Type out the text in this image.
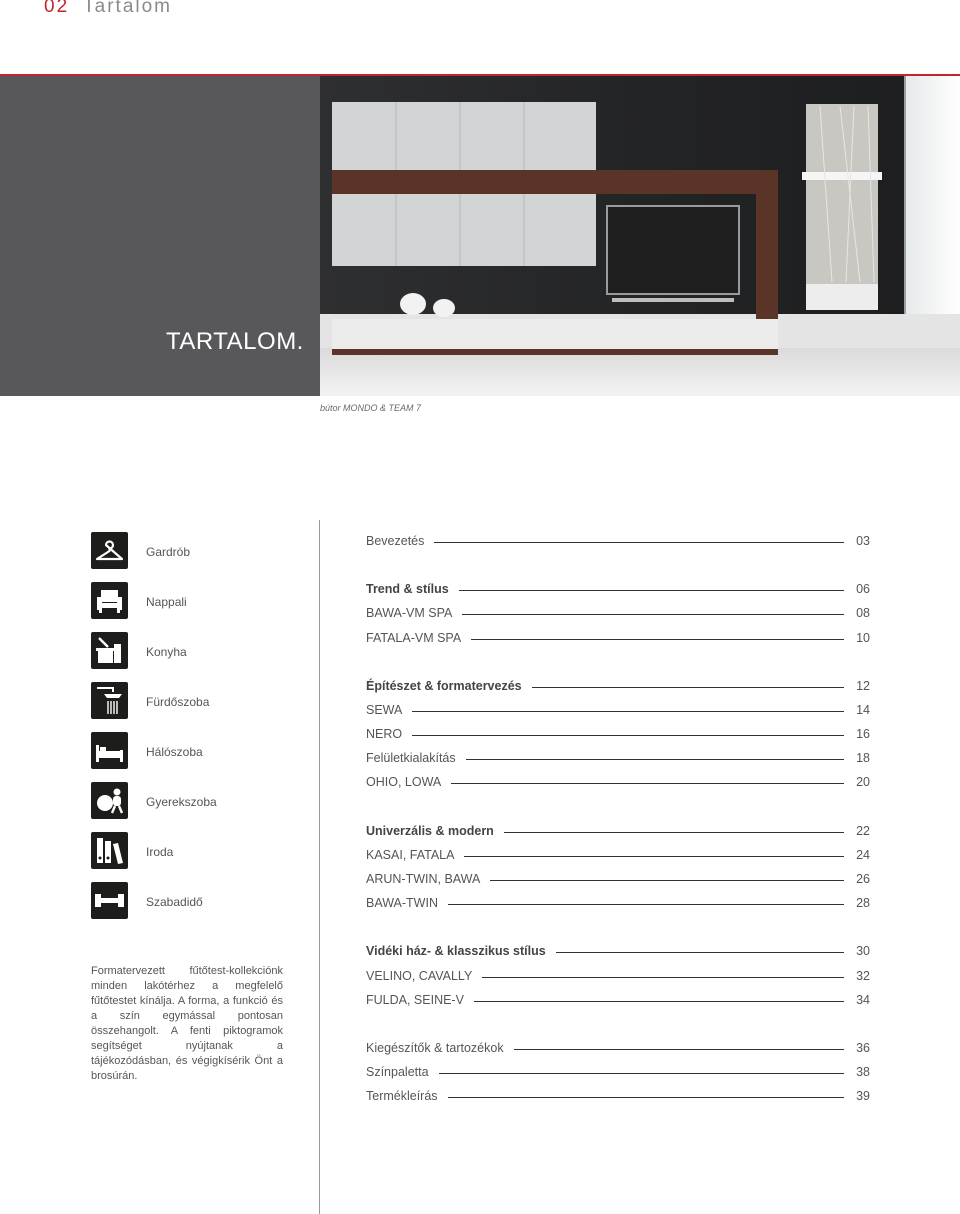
02 Tartalom
TARTALOM.
bútor MONDO & TEAM 7
Gardrób
Nappali
Konyha
Fürdőszoba
Hálószoba
Gyerekszoba
Iroda
Szabadidő
Formatervezett fűtőtest-kollekciónk minden lakótérhez a megfelelő fűtőtestet kínálja. A forma, a funkció és a szín egymással pontosan összehangolt. A fenti piktogramok segítséget nyújtanak a tájékozódásban, és végigkísérik Önt a brosúrán.
Bevezetés	03
Trend & stílus	06
BAWA-VM SPA	08
FATALA-VM SPA	10
Építészet & formatervezés	12
SEWA	14
NERO	16
Felületkialakítás	18
OHIO, LOWA	20
Univerzális & modern	22
KASAI, FATALA	24
ARUN-TWIN, BAWA	26
BAWA-TWIN	28
Vidéki ház- & klasszikus stílus	30
VELINO, CAVALLY	32
FULDA, SEINE-V	34
Kiegészítők & tartozékok	36
Színpaletta	38
Termékleírás	39
